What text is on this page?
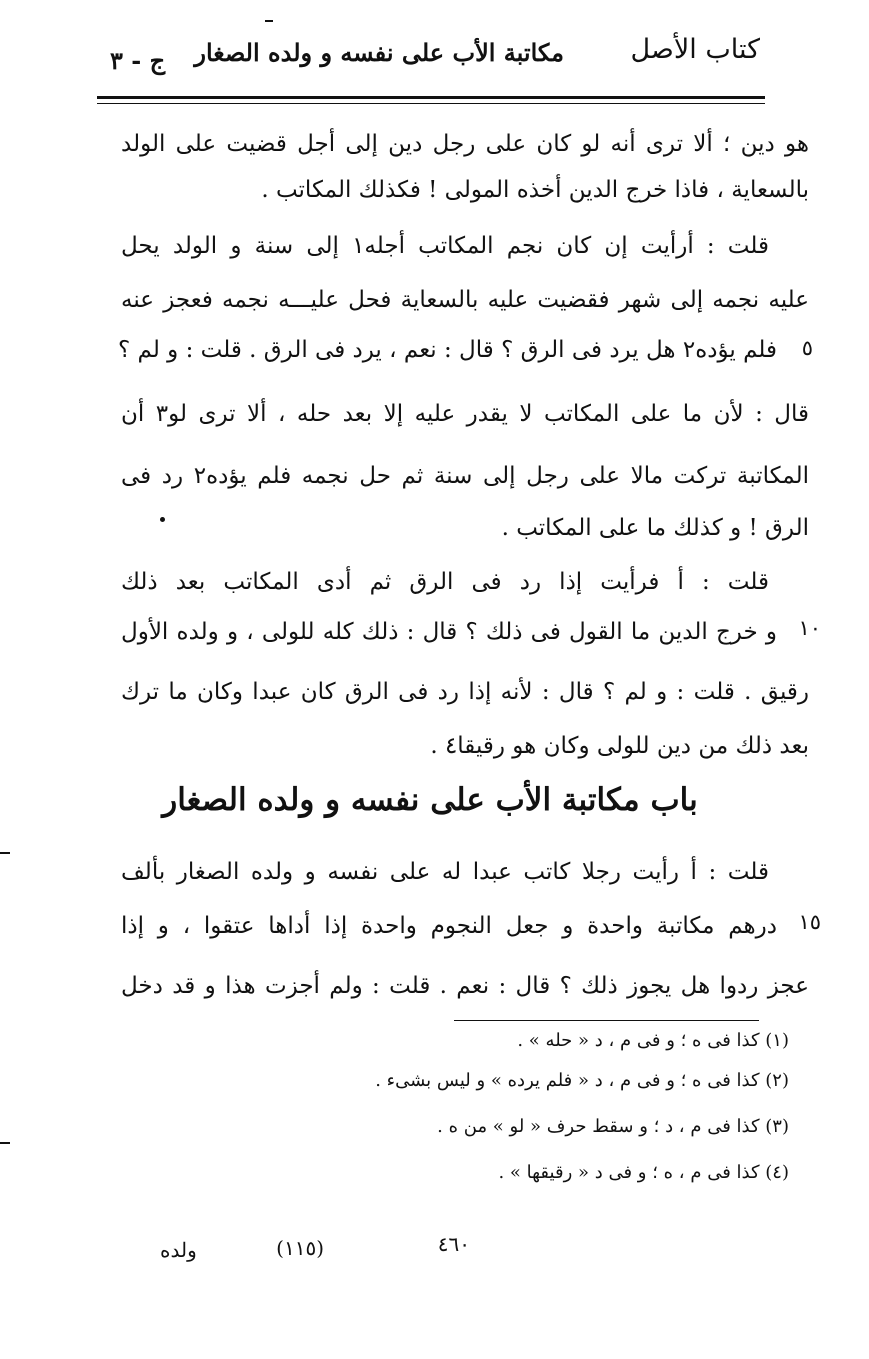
كتاب الأصل
مكاتبة الأب على نفسه و ولده الصغار
ج - ٣
هو دين ؛ ألا ترى أنه لو كان على رجل دين إلى أجل قضيت على الولد
بالسعاية ، فاذا خرج الدين أخذه المولى ! فكذلك المكاتب .
قلت : أرأيت إن كان نجم المكاتب أجله١ إلى سنة و الولد يحل
عليه نجمه إلى شهر فقضيت عليه بالسعاية فحل عليـــه نجمه فعجز عنه
٥
فلم يؤده٢ هل يرد فى الرق ؟ قال : نعم ، يرد فى الرق . قلت : و لم ؟
قال : لأن ما على المكاتب لا يقدر عليه إلا بعد حله ، ألا ترى لو٣ أن
المكاتبة تركت مالا على رجل إلى سنة ثم حل نجمه فلم يؤده٢ رد فى
الرق ! و كذلك ما على المكاتب .
قلت : أ فرأيت إذا رد فى الرق ثم أدى المكاتب بعد ذلك
١٠
و خرج الدين ما القول فى ذلك ؟ قال : ذلك كله للولى ، و ولده الأول
رقيق . قلت : و لم ؟ قال : لأنه إذا رد فى الرق كان عبدا وكان ما ترك
بعد ذلك من دين للولى وكان هو رقيقا٤ .
باب مكاتبة الأب على نفسه و ولده الصغار
قلت : أ رأيت رجلا كاتب عبدا له على نفسه و ولده الصغار بألف
١٥
درهم مكاتبة واحدة و جعل النجوم واحدة إذا أداها عتقوا ، و إذا
عجز ردوا هل يجوز ذلك ؟ قال : نعم . قلت : ولم أجزت هذا و قد دخل
(١) كذا فى ه ؛ و فى م ، د « حله » .
(٢) كذا فى ه ؛ و فى م ، د « فلم يرده » و ليس بشىء .
(٣) كذا فى م ، د ؛ و سقط حرف « لو » من ه .
(٤) كذا فى م ، ه ؛ و فى د « رقيقها » .
٤٦٠
(١١٥)
ولده
